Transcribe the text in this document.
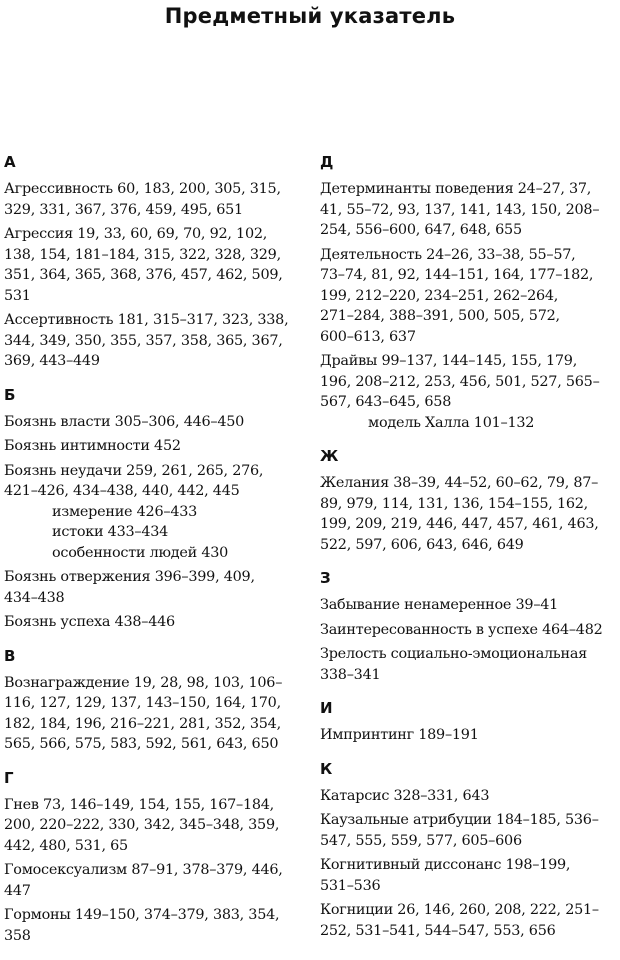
Предметный указатель
А
Агрессивность 60, 183, 200, 305, 315,
329, 331, 367, 376, 459, 495, 651
Агрессия 19, 33, 60, 69, 70, 92, 102,
138, 154, 181–184, 315, 322, 328, 329,
351, 364, 365, 368, 376, 457, 462, 509,
531
Ассертивность 181, 315–317, 323, 338,
344, 349, 350, 355, 357, 358, 365, 367,
369, 443–449
Б
Боязнь власти 305–306, 446–450
Боязнь интимности 452
Боязнь неудачи 259, 261, 265, 276,
421–426, 434–438, 440, 442, 445
измерение 426–433
истоки 433–434
особенности людей 430
Боязнь отвержения 396–399, 409,
434–438
Боязнь успеха 438–446
В
Вознаграждение 19, 28, 98, 103, 106–
116, 127, 129, 137, 143–150, 164, 170,
182, 184, 196, 216–221, 281, 352, 354,
565, 566, 575, 583, 592, 561, 643, 650
Г
Гнев 73, 146–149, 154, 155, 167–184,
200, 220–222, 330, 342, 345–348, 359,
442, 480, 531, 65
Гомосексуализм 87–91, 378–379, 446,
447
Гормоны 149–150, 374–379, 383, 354,
358
Д
Детерминанты поведения 24–27, 37,
41, 55–72, 93, 137, 141, 143, 150, 208–
254, 556–600, 647, 648, 655
Деятельность 24–26, 33–38, 55–57,
73–74, 81, 92, 144–151, 164, 177–182,
199, 212–220, 234–251, 262–264,
271–284, 388–391, 500, 505, 572,
600–613, 637
Драйвы 99–137, 144–145, 155, 179,
196, 208–212, 253, 456, 501, 527, 565–
567, 643–645, 658
модель Халла 101–132
Ж
Желания 38–39, 44–52, 60–62, 79, 87–
89, 979, 114, 131, 136, 154–155, 162,
199, 209, 219, 446, 447, 457, 461, 463,
522, 597, 606, 643, 646, 649
З
Забывание ненамеренное 39–41
Заинтересованность в успехе 464–482
Зрелость социально-эмоциональная
338–341
И
Импринтинг 189–191
К
Катарсис 328–331, 643
Каузальные атрибуции 184–185, 536–
547, 555, 559, 577, 605–606
Когнитивный диссонанс 198–199,
531–536
Когниции 26, 146, 260, 208, 222, 251–
252, 531–541, 544–547, 553, 656
